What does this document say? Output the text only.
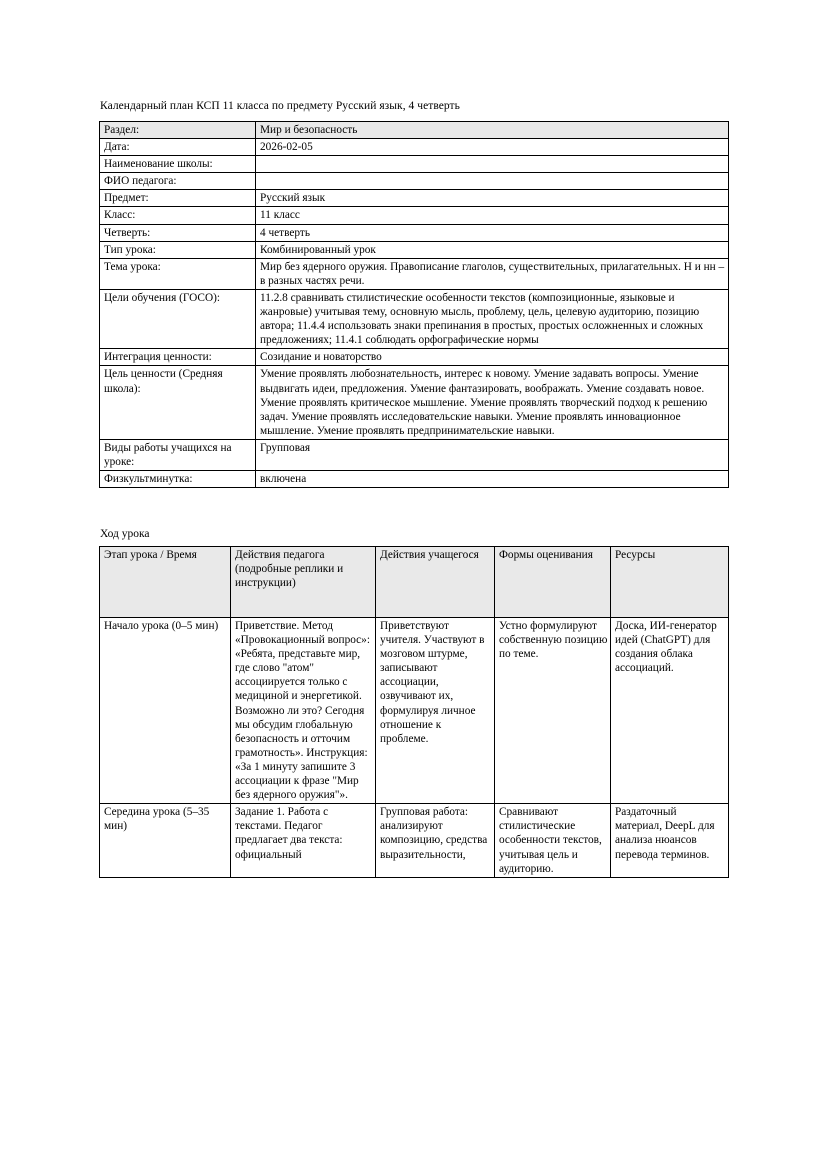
Календарный план КСП 11 класса по предмету Русский язык, 4 четверть
Раздел:	Мир и безопасность
Дата:	2026-02-05
Наименование школы:	
ФИО педагога:	
Предмет:	Русский язык
Класс:	11 класс
Четверть:	4 четверть
Тип урока:	Комбинированный урок
Тема урока:	Мир без ядерного оружия. Правописание глаголов, существительных, прилагательных. Н и нн – в разных частях речи.
Цели обучения (ГОСО):	11.2.8 сравнивать стилистические особенности текстов (композиционные, языковые и жанровые) учитывая тему, основную мысль, проблему, цель, целевую аудиторию, позицию автора; 11.4.4 использовать знаки препинания в простых, простых осложненных и сложных предложениях; 11.4.1 соблюдать орфографические нормы
Интеграция ценности:	Созидание и новаторство
Цель ценности (Средняя школа):	Умение проявлять любознательность, интерес к новому. Умение задавать вопросы. Умение выдвигать идеи, предложения. Умение фантазировать, воображать. Умение создавать новое. Умение проявлять критическое мышление. Умение проявлять творческий подход к решению задач. Умение проявлять исследовательские навыки. Умение проявлять инновационное мышление. Умение проявлять предпринимательские навыки.
Виды работы учащихся на уроке:	Групповая
Физкультминутка:	включена
Ход урока
Этап урока / Время	Действия педагога (подробные реплики и инструкции)	Действия учащегося	Формы оценивания	Ресурсы
Начало урока (0–5 мин)	Приветствие. Метод «Провокационный вопрос»: «Ребята, представьте мир, где слово "атом" ассоциируется только с медициной и энергетикой. Возможно ли это? Сегодня мы обсудим глобальную безопасность и отточим грамотность». Инструкция: «За 1 минуту запишите 3 ассоциации к фразе "Мир без ядерного оружия"».	Приветствуют учителя. Участвуют в мозговом штурме, записывают ассоциации, озвучивают их, формулируя личное отношение к проблеме.	Устно формулируют собственную позицию по теме.	Доска, ИИ-генератор идей (ChatGPT) для создания облака ассоциаций.
Середина урока (5–35 мин)	Задание 1. Работа с текстами. Педагог предлагает два текста: официальный	Групповая работа: анализируют композицию, средства выразительности,	Сравнивают стилистические особенности текстов, учитывая цель и аудиторию.	Раздаточный материал, DeepL для анализа нюансов перевода терминов.
